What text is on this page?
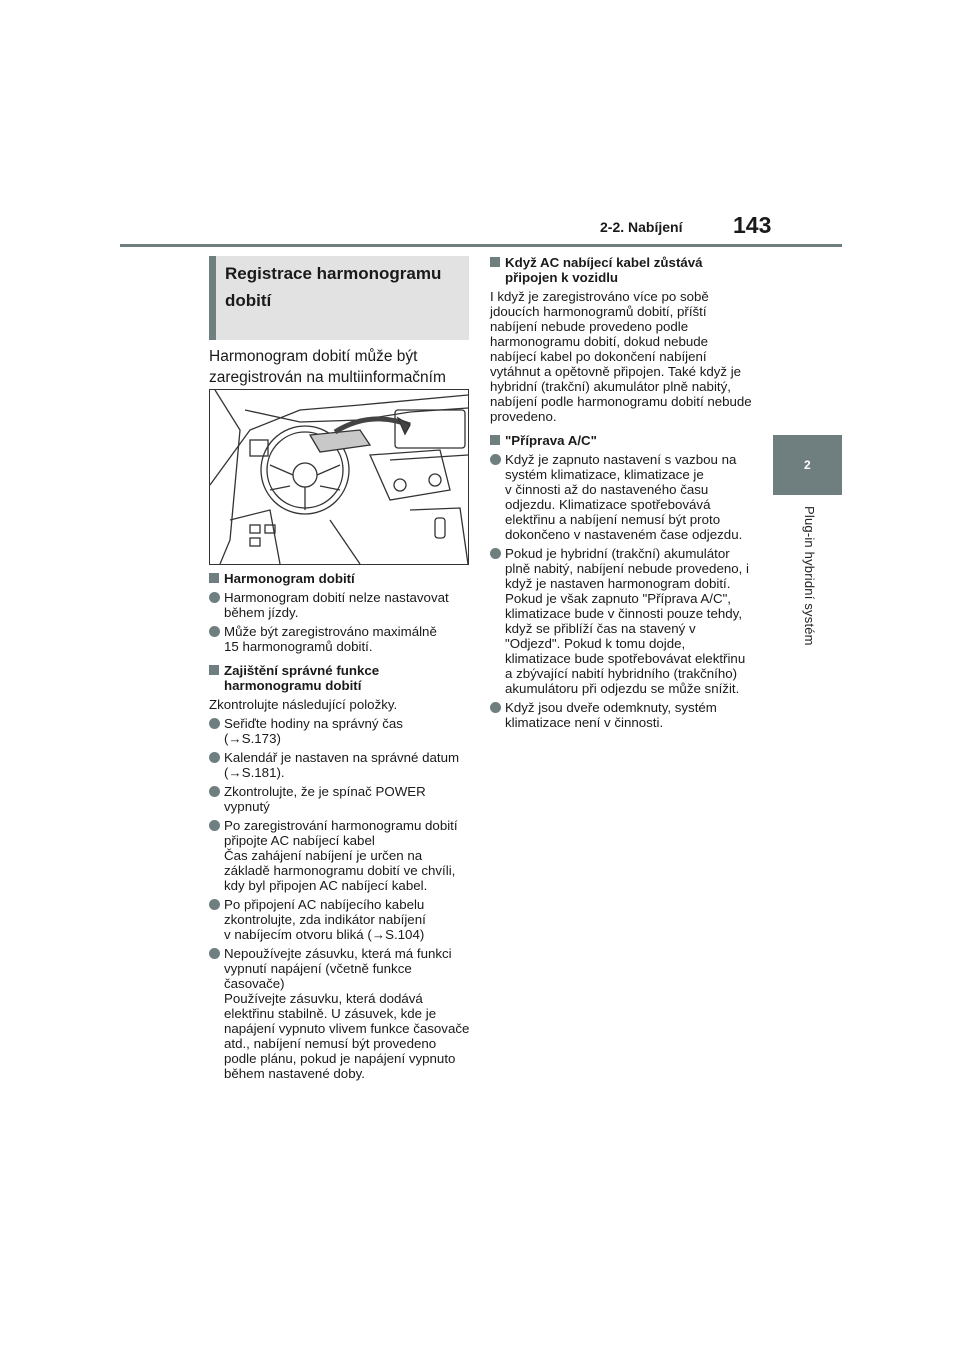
2-2. Nabíjení 143
2
Plug-in hybridní systém
Registrace harmonogramu dobití
Harmonogram dobití může být zaregistrován na multiinformačním
Harmonogram dobití
Harmonogram dobití nelze nastavovat během jízdy.
Může být zaregistrováno maximálně
15 harmonogramů dobití.
Zajištění správné funkce harmonogramu dobití
Zkontrolujte následující položky.
Seřiďte hodiny na správný čas
(→S.173)
Kalendář je nastaven na správné datum (→S.181).
Zkontrolujte, že je spínač POWER vypnutý
Po zaregistrování harmonogramu dobití připojte AC nabíjecí kabel
Čas zahájení nabíjení je určen na základě harmonogramu dobití ve chvíli, kdy byl připojen AC nabíjecí kabel.
Po připojení AC nabíjecího kabelu zkontrolujte, zda indikátor nabíjení
v nabíjecím otvoru bliká (→S.104)
Nepoužívejte zásuvku, která má funkci vypnutí napájení (včetně funkce časovače)
Používejte zásuvku, která dodává elektřinu stabilně. U zásuvek, kde je napájení vypnuto vlivem funkce časovače atd., nabíjení nemusí být provedeno podle plánu, pokud je napájení vypnuto během nastavené doby.
Když AC nabíjecí kabel zůstává připojen k vozidlu
I když je zaregistrováno více po sobě jdoucích harmonogramů dobití, příští nabíjení nebude provedeno podle harmonogramu dobití, dokud nebude nabíjecí kabel po dokončení nabíjení vytáhnut a opětovně připojen. Také když je hybridní (trakční) akumulátor plně nabitý, nabíjení podle harmonogramu dobití nebude provedeno.
"Příprava A/C"
Když je zapnuto nastavení s vazbou na systém klimatizace, klimatizace je
v činnosti až do nastaveného času odjezdu. Klimatizace spotřebovává elektřinu a nabíjení nemusí být proto dokončeno v nastaveném čase odjezdu.
Pokud je hybridní (trakční) akumulátor plně nabitý, nabíjení nebude provedeno, i když je nastaven harmonogram dobití. Pokud je však zapnuto "Příprava A/C", klimatizace bude v činnosti pouze tehdy, když se přiblíží čas na stavený v "Odjezd". Pokud k tomu dojde, klimatizace bude spotřebovávat elektřinu a zbývající nabití hybridního (trakčního) akumulátoru při odjezdu se může snížit.
Když jsou dveře odemknuty, systém klimatizace není v činnosti.
